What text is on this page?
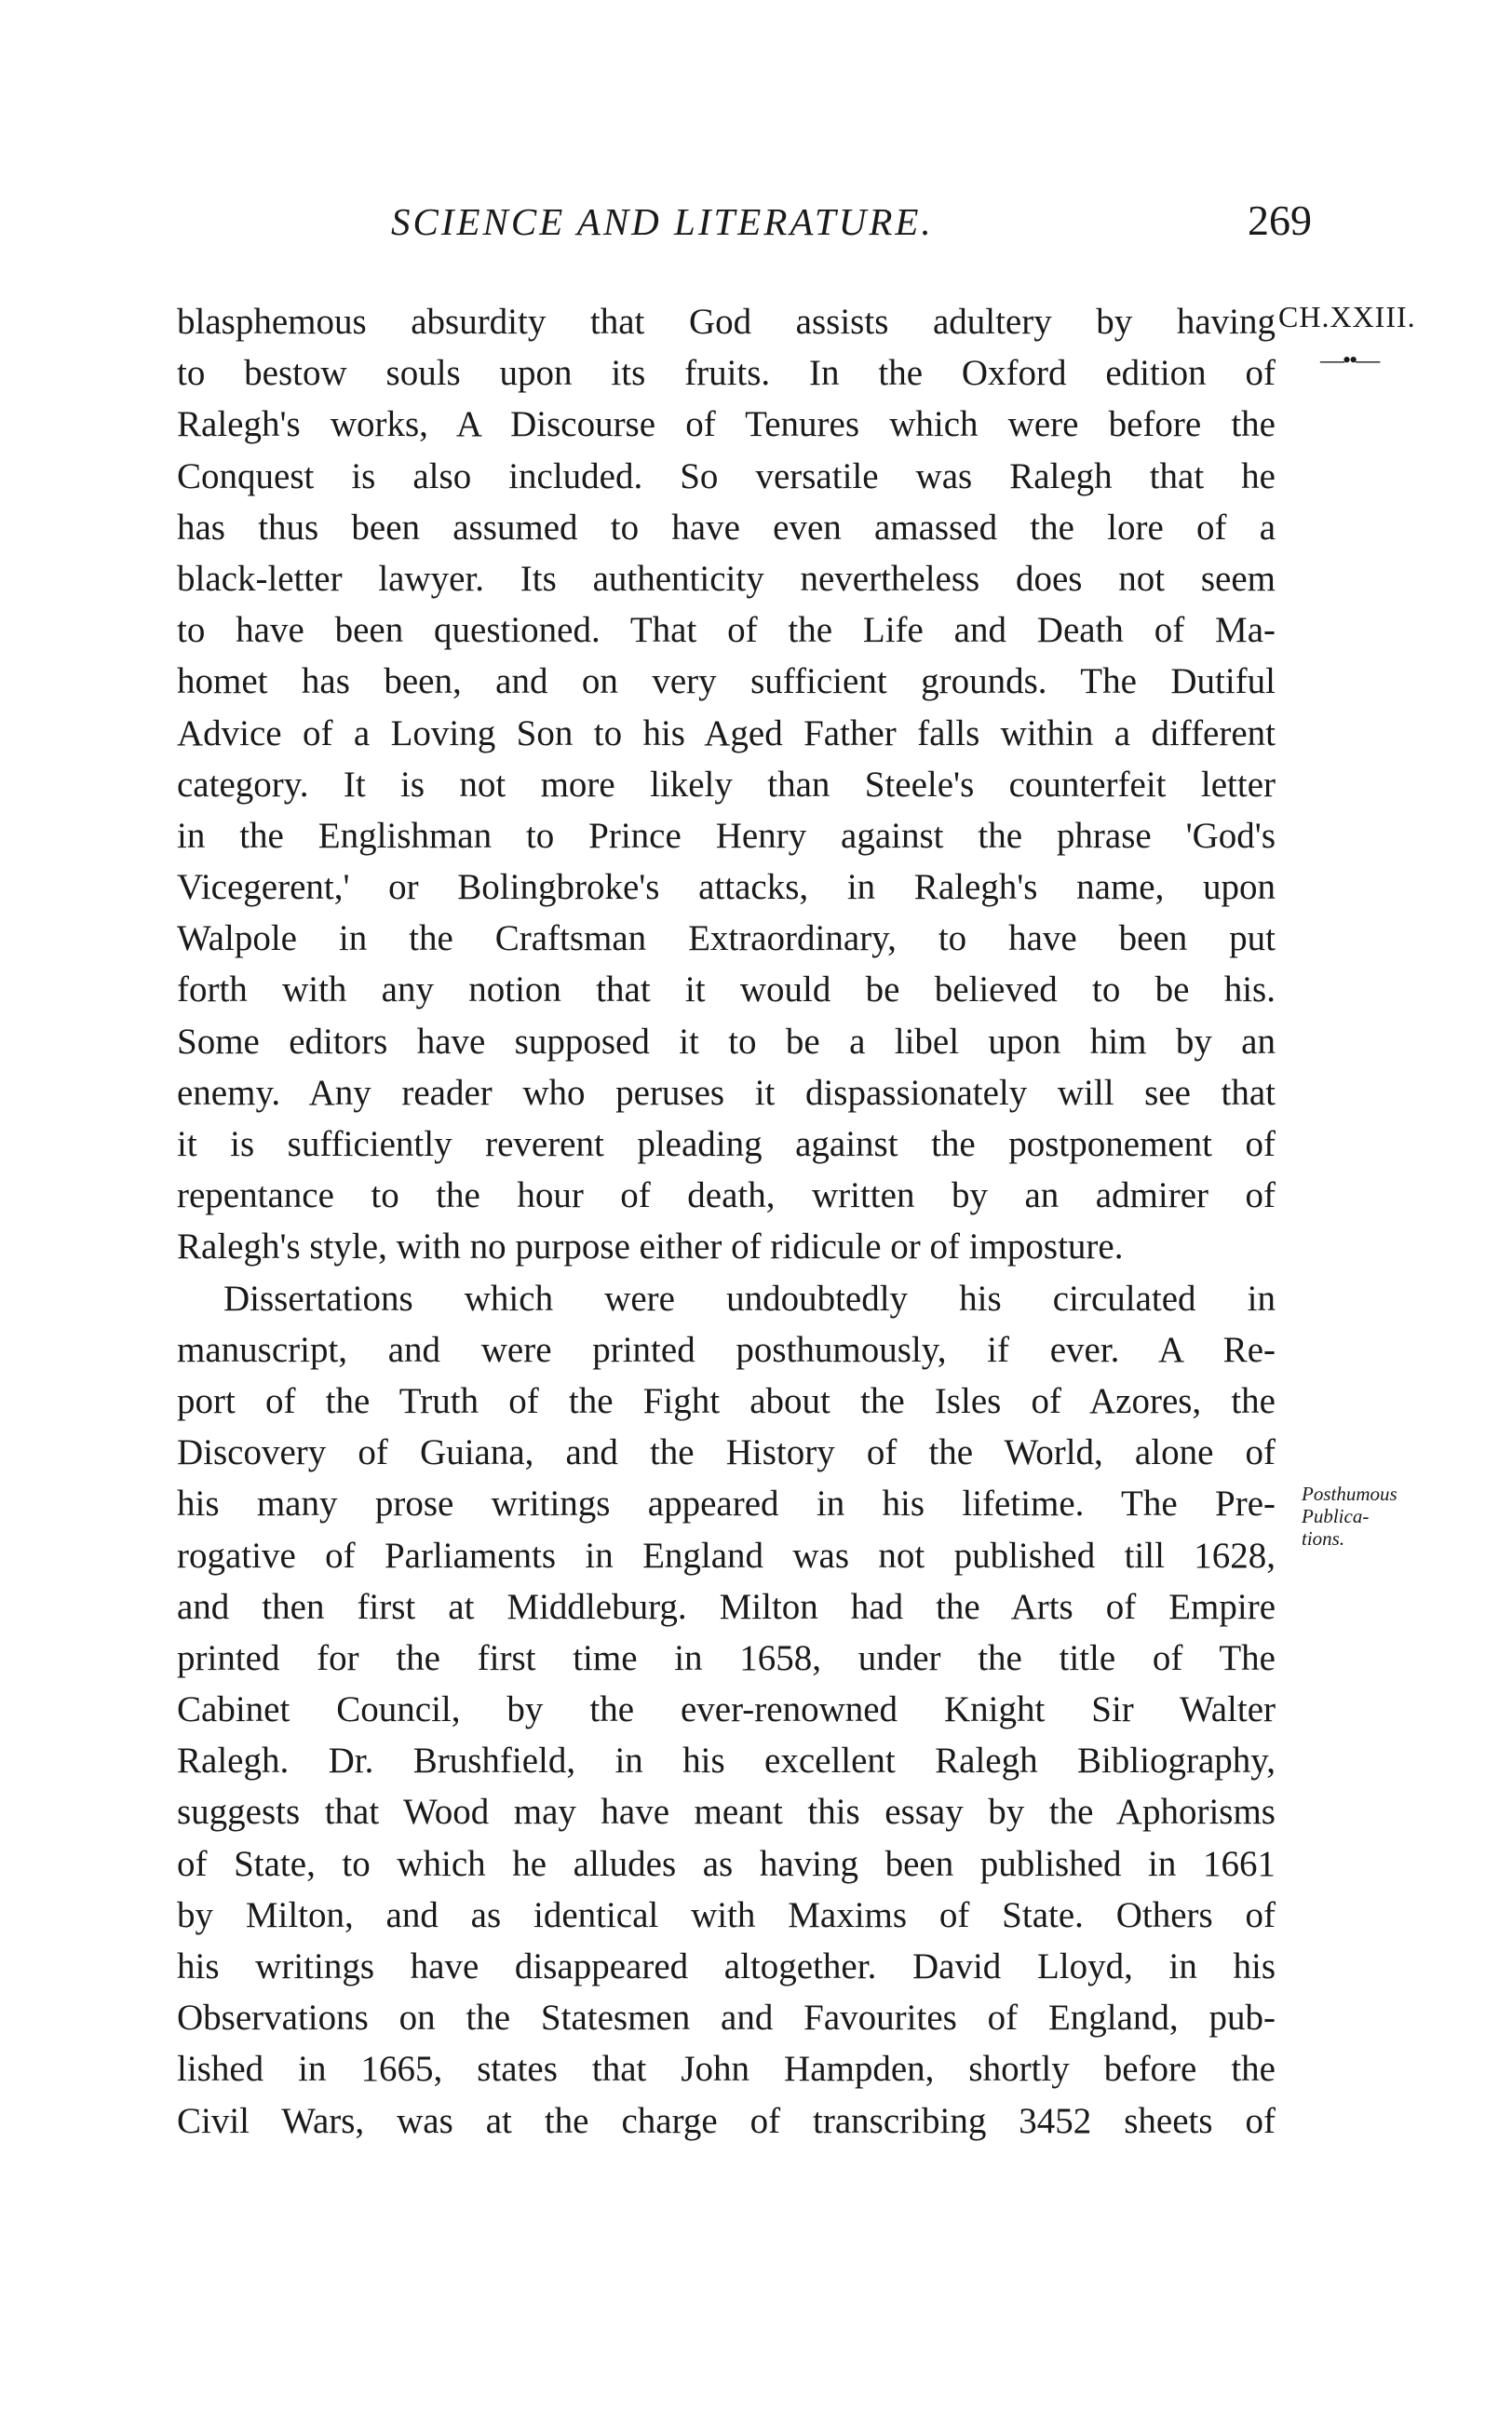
SCIENCE AND LITERATURE.	269
CH.XXIII.
—••—
Posthumous
Publica-
tions.
blasphemous absurdity that God assists adultery by having
to bestow souls upon its fruits. In the Oxford edition of
Ralegh's works, A Discourse of Tenures which were before the
Conquest is also included. So versatile was Ralegh that he
has thus been assumed to have even amassed the lore of a
black-letter lawyer. Its authenticity nevertheless does not seem
to have been questioned. That of the Life and Death of Ma-
homet has been, and on very sufficient grounds. The Dutiful
Advice of a Loving Son to his Aged Father falls within a different
category. It is not more likely than Steele's counterfeit letter
in the Englishman to Prince Henry against the phrase 'God's
Vicegerent,' or Bolingbroke's attacks, in Ralegh's name, upon
Walpole in the Craftsman Extraordinary, to have been put
forth with any notion that it would be believed to be his.
Some editors have supposed it to be a libel upon him by an
enemy. Any reader who peruses it dispassionately will see that
it is sufficiently reverent pleading against the postponement of
repentance to the hour of death, written by an admirer of
Ralegh's style, with no purpose either of ridicule or of imposture.
Dissertations which were undoubtedly his circulated in
manuscript, and were printed posthumously, if ever. A Re-
port of the Truth of the Fight about the Isles of Azores, the
Discovery of Guiana, and the History of the World, alone of
his many prose writings appeared in his lifetime. The Pre-
rogative of Parliaments in England was not published till 1628,
and then first at Middleburg. Milton had the Arts of Empire
printed for the first time in 1658, under the title of The
Cabinet Council, by the ever-renowned Knight Sir Walter
Ralegh. Dr. Brushfield, in his excellent Ralegh Bibliography,
suggests that Wood may have meant this essay by the Aphorisms
of State, to which he alludes as having been published in 1661
by Milton, and as identical with Maxims of State. Others of
his writings have disappeared altogether. David Lloyd, in his
Observations on the Statesmen and Favourites of England, pub-
lished in 1665, states that John Hampden, shortly before the
Civil Wars, was at the charge of transcribing 3452 sheets of
